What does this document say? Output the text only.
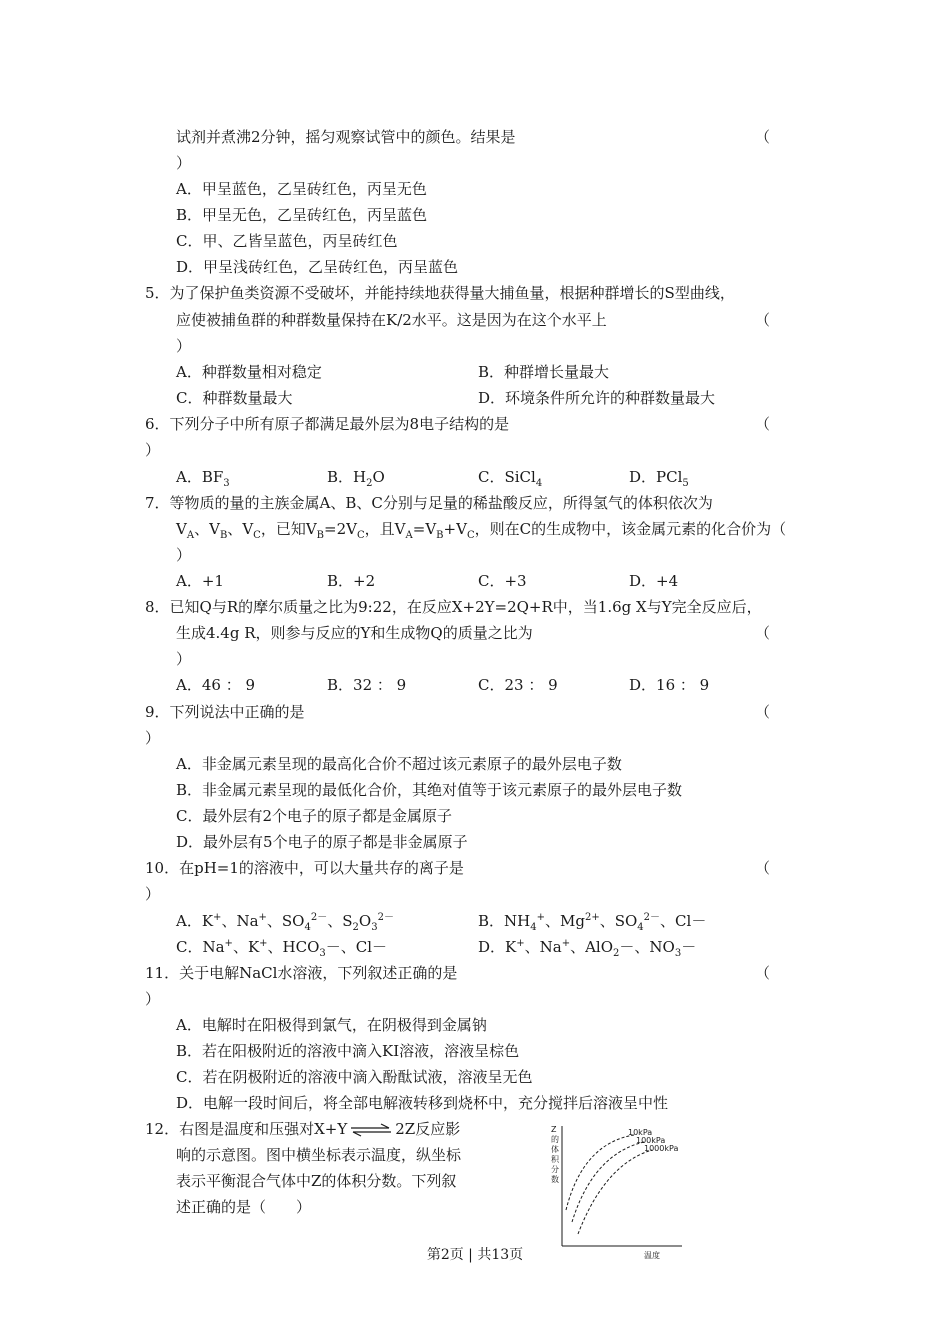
试剂并煮沸2分钟，摇匀观察试管中的颜色。结果是	（
）
A．甲呈蓝色，乙呈砖红色，丙呈无色
B．甲呈无色，乙呈砖红色，丙呈蓝色
C．甲、乙皆呈蓝色，丙呈砖红色
D．甲呈浅砖红色，乙呈砖红色，丙呈蓝色
5．为了保护鱼类资源不受破坏，并能持续地获得量大捕鱼量，根据种群增长的S型曲线，
应使被捕鱼群的种群数量保持在K/2水平。这是因为在这个水平上	（
）
A．种群数量相对稳定	B．种群增长量最大
C．种群数量最大	D．环境条件所允许的种群数量最大
6．下列分子中所有原子都满足最外层为8电子结构的是	（
）
A．$BF_3$	B．$H_2O$	C．SiCl$_4$	D．PCl$_5$
7．等物质的量的主族金属A、B、C分别与足量的稀盐酸反应，所得氢气的体积依次为
$V_A$、$V_B$、$V_C$，已知$V_B=2V_C$，且$V_A=V_B+V_C$，则在C的生成物中，该金属元素的化合价为（
）
A．+1	B．+2	C．+3	D．+4
8．已知Q与R的摩尔质量之比为9:22，在反应X+2Y=2Q+R中，当1.6g X与Y完全反应后，
生成4.4g R，则参与反应的Y和生成物Q的质量之比为	（
）
A．46 ： 9	B．32 ： 9	C．23 ： 9	D．16 ： 9
9．下列说法中正确的是	（
）
A．非金属元素呈现的最高化合价不超过该元素原子的最外层电子数
B．非金属元素呈现的最低化合价，其绝对值等于该元素原子的最外层电子数
C．最外层有2个电子的原子都是金属原子
D．最外层有5个电子的原子都是非金属原子
10．在pH=1的溶液中，可以大量共存的离子是	（
）
A．K+、Na+、$SO_4^{2-}$、$S_2O_3^{2-}$	B．$NH_4^+$、$Mg^{2+}$、$SO_4^{2-}$、Cl－
C．Na+、K+、$HCO_3-$、Cl－	D．K+、Na+、AlO$_2$－、$NO_3-$
11．关于电解NaCl水溶液，下列叙述正确的是	（
）
A．电解时在阳极得到氯气，在阴极得到金属钠
B．若在阳极附近的溶液中滴入KI溶液，溶液呈棕色
C．若在阴极附近的溶液中滴入酚酞试液，溶液呈无色
D．电解一段时间后，将全部电解液转移到烧杯中，充分搅拌后溶液呈中性
12．右图是温度和压强对X+Y ⇌ 2Z反应影
响的示意图。图中横坐标表示温度，纵坐标
表示平衡混合气体中Z的体积分数。下列叙
述正确的是（　　）
Z
的
体
积
分
数
温度
10kPa
100kPa
1000kPa
第2页 | 共13页
